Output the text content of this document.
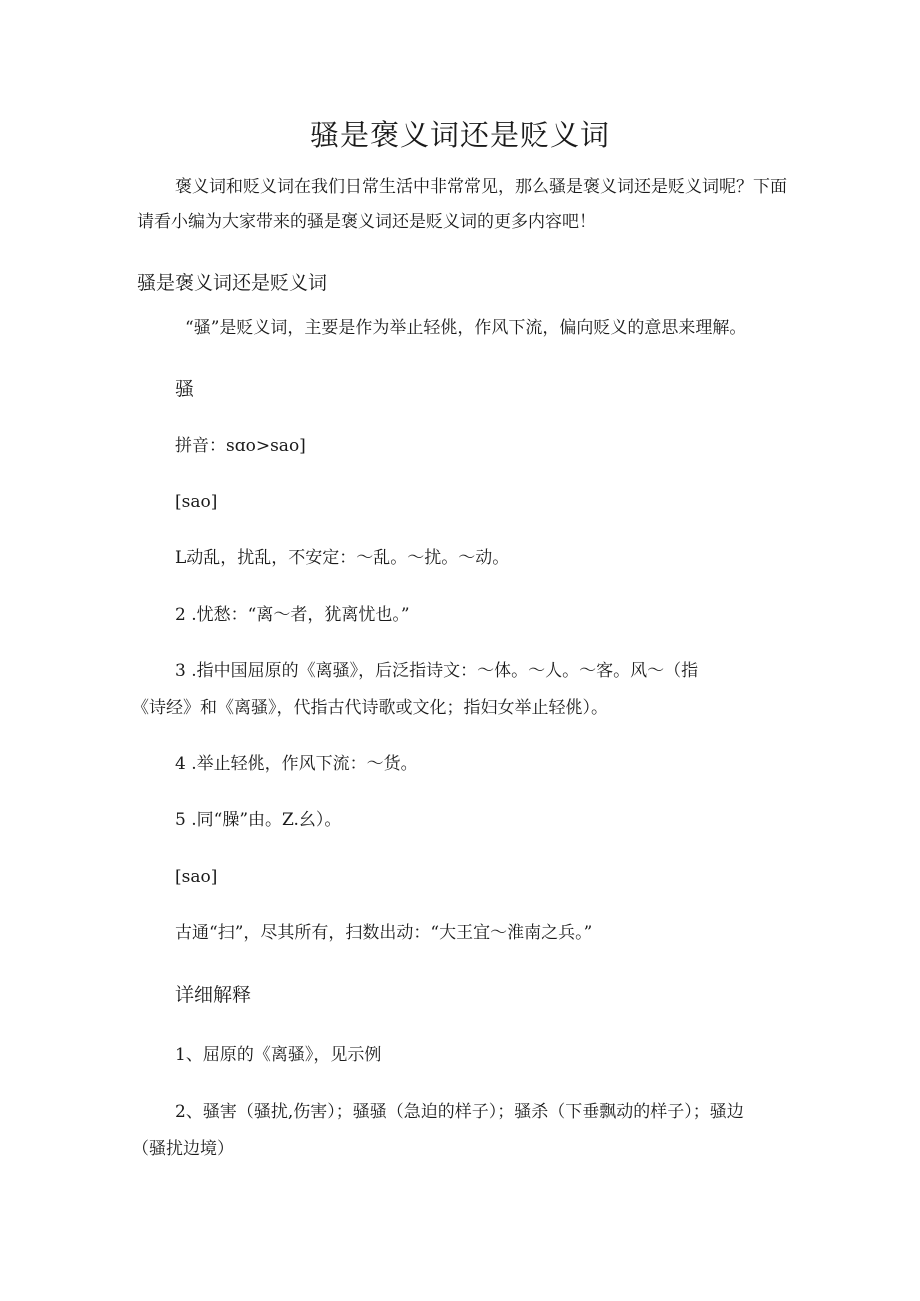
骚是褒义词还是贬义词
褒义词和贬义词在我们日常生活中非常常见，那么骚是褒义词还是贬义词呢？下面
请看小编为大家带来的骚是褒义词还是贬义词的更多内容吧！
骚是褒义词还是贬义词
“骚”是贬义词，主要是作为举止轻佻，作风下流，偏向贬义的意思来理解。
骚
拼音：sɑo>sao]
[sao]
L动乱，扰乱，不安定：～乱。～扰。～动。
2 .忧愁：“离～者，犹离忧也。”
3 .指中国屈原的《离骚》，后泛指诗文：～体。～人。～客。风～（指
《诗经》和《离骚》，代指古代诗歌或文化；指妇女举止轻佻）。
4 .举止轻佻，作风下流：～货。
5 .同“臊”由。Z.幺）。
[sao]
古通“扫”，尽其所有，扫数出动：“大王宜～淮南之兵。”
详细解释
1、屈原的《离骚》，见示例
2、骚害（骚扰,伤害）；骚骚（急迫的样子）；骚杀（下垂飘动的样子）；骚边
（骚扰边境）
